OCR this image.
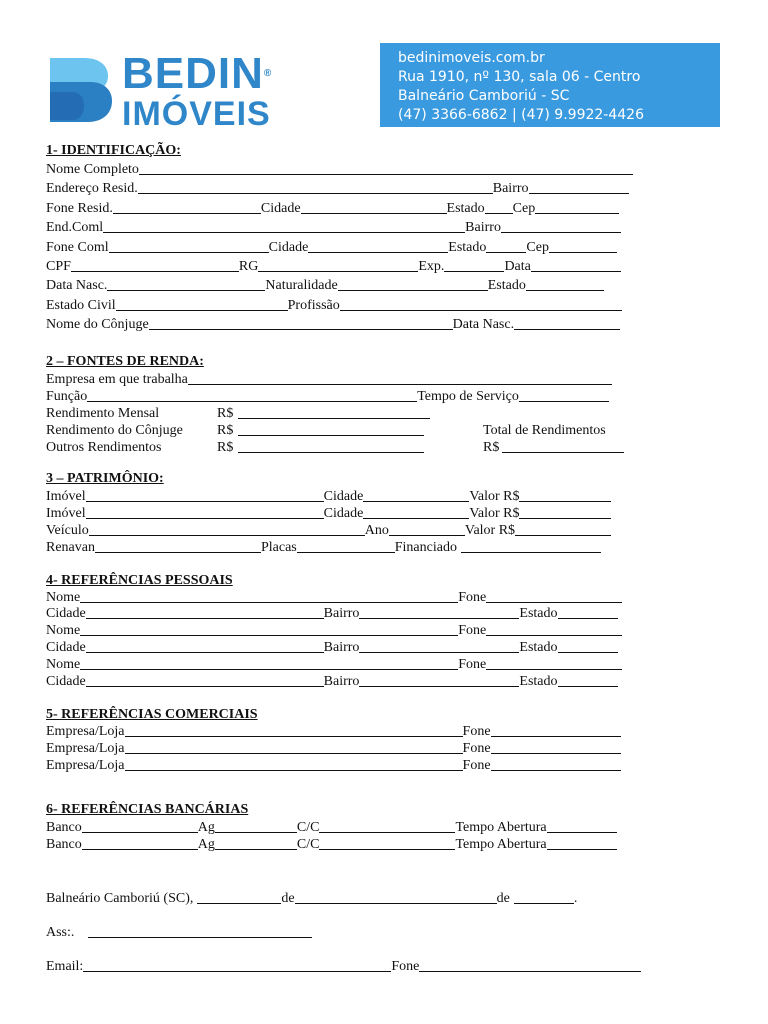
BEDIN®
IMÓVEIS
bedinimoveis.com.br
Rua 1910, nº 130, sala 06 - Centro
Balneário Camboriú - SC
(47) 3366-6862 | (47) 9.9922-4426
1- IDENTIFICAÇÃO:
Nome Completo
Endereço Resid.	Bairro
Fone Resid.	Cidade	Estado Cep
End.Coml	Bairro
Fone Coml	Cidade	Estado	Cep
CPF	RG	Exp.	Data
Data Nasc.	Naturalidade	Estado
Estado Civil	Profissão
Nome do Cônjuge	Data Nasc.
2 – FONTES DE RENDA:
Empresa em que trabalha
Função	Tempo de Serviço
Rendimento Mensal	R$
Rendimento do Cônjuge R$	Total de Rendimentos
Outros Rendimentos	R$	R$
3 – PATRIMÔNIO:
Imóvel	Cidade	Valor R$
Imóvel	Cidade	Valor R$
Veículo	Ano	Valor R$
Renavan	Placas	Financiado
4- REFERÊNCIAS PESSOAIS
Nome	Fone
Cidade	Bairro	Estado
Nome	Fone
Cidade	Bairro	Estado
Nome	Fone
Cidade	Bairro	Estado
5- REFERÊNCIAS COMERCIAIS
Empresa/Loja	Fone
Empresa/Loja	Fone
Empresa/Loja	Fone
6- REFERÊNCIAS BANCÁRIAS
Banco	Ag	C/C	Tempo Abertura
Banco	Ag	C/C	Tempo Abertura
Balneário Camboriú (SC),	de	de	.
Ass:.
Email:	Fone
